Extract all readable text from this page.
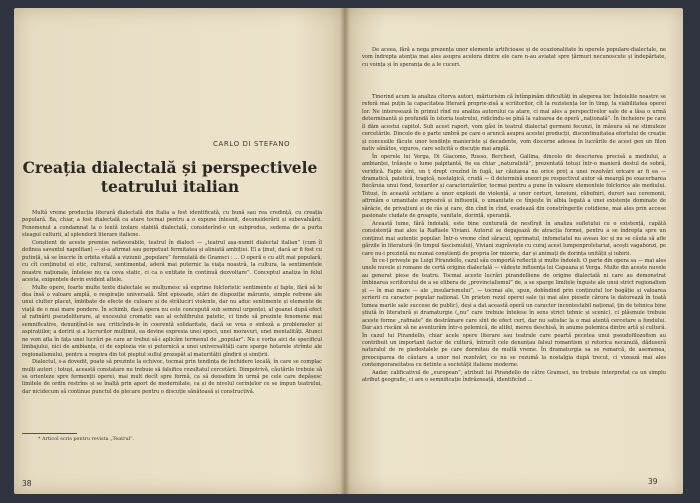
CARLO DI STEFANO
Creația dialectală și perspectivele teatrului italian

Multă vreme producția literară dialectală din Italia a fost identificată, cu bună sau rea credință, cu creația populară. Ba, chiar, a fost dialectală ca atare tocmai pentru a o expune înlesnit, deconsiderării și subevaluării. Fenomenul a condamnat la o lentă izolare stabilă dialectală, considerînd-o un subprodus, sedema de a purta steagul culturii, al splendorii literare italiene.

Conștient de aceste premise nefavorabile, teatrul în dialect — „teatrul așa-numit dialectal italian” (cum îl definea savantul napolitan) — și-a afirmat sau perpetuat fermitatea și aliniată ambiției. El a ținut, dacă ar fi fost cu putință, să se înscrie în orbita vitală a viziunii „populare” formulată de Gramsci : ... O operă e cu atît mai populară, cu cît conținutul ei etic, cultural, sentimental, aderă mai puternic la viața noastră, la cultura, la sentimentele noastre naționale, întelese nu ca ceva static, ci ca o entitate în continuă dezvoltare”. Conceptul analiza în felul acesta, exigențele devin evident altele.

Multe opere, foarte multe texte dialectale se mulțumesc să exprime folcloristic sentimente și fapte, fără să le dea însă o valoare amplă, o respirație universală. Sînt episoade, stări de dispoziție mărunte, simple refrene ale unui clutter placut, îmbibate de efecte de culoare și de străluciri violente, dar nu aduc sentimente și elemente de viață de o mai mare pondere. În schimb, dacă opera nu este concepută sub semnul urgenței, al goanei după efect al rafinării pseudoliterare, al excesului cromatic sau al echilibrului patetic, ci tinde să prezinte fenomene mai semnificative, denunțînd-le sau criticîndu-le în coerentă solidaritate, dacă se vrea o sinteză a problemelor și aspirațiilor, a doririi și a lucrurilor mulțimii, ea devine expresia unei epoci, unei moravuri, unei mentalități. Atunci ne vom afla în fața unei lucrări pe care ar trebui să-i aplicăm termenul de „popular”. Nu e vorba aici de specificul limbajului, nici de ambianța, ci de explozia vie și puternică a unei universalități care sparge hotarele strîmte ale regionalismului, pentru a respira din tot pieptul suflul prozspăt al maturității gîndirii și simțirii.

Dialectul, s-a dovedit, poate să prezinte la echivoc, tocmai prin tendința de închidere locală, în care se complac mulți autori ; totuși, această constatare nu trebuie să falsifice rezultatul cercetării. Dimpotrivă, căutările trebuie să se orienteze spre fermenții operei, mai mult decît spre formă, ca să deosebim în urmă pe cele care depășesc limitele de ordin restrîns și se înalță prin aport de modernitate, ca și de nivelul cerințelor ce se impun teatrului, dar nicidecum să continue punctul de plecare pentru o discuție sănătoasă și constructivă.

* Articol scris pentru revista „Teatrul”.
38

De aceea, fără a nega prezența unor elemente artificioase și de ocazionalitate în operele populare-dialectale, ne vom îndrepta atenția mai ales asupra acelora dintre ele care n-au aviatat spre țărmuri necunoscute și îndepărtate, cu voința și în speranța de a le cuceri.

Tinerind acum la analiza cîtorva autori, mărturisim că întîmpinăm dificultăți în alegerea lor. Îndoielile noastre se referă mai puțin la capacitatea literară proprie-zisă a scriitorilor, cît la rezistența lor în timp, la viabilitatea operei lor. Ne interesează în primul rînd nu analiza autorului ca atare, ci mai ales a perspectivelor sale de a lăsa o urmă determinantă și profundă în istoria teatrului, ridicîndu-se pînă la valoarea de operă „națională”. În încheiere pe care îl dăm acestui capitol. Sub acest raport, vom găsi în teatrul dialectal germeni fecunzi, în măsura să ne stimuleze cercetările. Dincolo de o parte umbră pe care o aruncă asupra acestei producții, discontinuitatea efortului de creație și concesiile făcute unor tendințe manieriste și decadente, vom discerne adesea în lucrările de acest gen un filon nativ sănătos, viguros, care solicită o discuție mai amplă.

În operele lui Verga, Di Giacomo, Russo, Bercheet, Gallina, dincolo de descrierea precisă a mediului, a ambianței, trăiește o lume palpitantă, fie ea chiar „naturalistă”, prezentată totuși într-o manieră destul de sobră, veridică. Fapte sînt, un ț drept crezînd în fugă, iar căutarea nu orice preț a unei rezolvări oricare ar fi ea — dramatică, patetică, tragică, nostalgică, crudă — îl determină uneori pe respectivul autor să meargă pe exacerbarea fiecăruia unui fond, tonurilor și caracterizărilor, tocmai pentru a pune în valoare elementele folclorice ale mediului. Totuși, în această schițare a unor explozii de violență, a unor certuri, tensiuni, răbufniri, dureri sau ceremonii, afirmăm o umanitate expresivă și influență, o umanitate ce tînjește în albia legată a unei existențe dominate de sărăcie, de privațiuni și de râs și care, din cînd în cînd, evadează din constrîngerile cotidiene, mai ales prin accese pasionate ciudate de groapte, vanitate, dorință, speranță.

Această lume, fără îndoială, este bine conturată de nesfîrșit în analiza sufletului cu o existență, capătă consistență mai ales la Raffaele Viviani. Autorul se degajează de atracția formei, pentru a se îndrepta spre un conținut mai autentic popular. Într-o vreme cînd săracul, oprimatul, infometatul nu aveau loc și nu se căuta să afle gărzile în literatură (în timpul fascismului), Viviani zugrăvește cu curaj acest lumpenproletariat, acești vagabonzi, pe care nu-i prezintă nu numai conștienți de propria lor mizerie, dar și animați de dorința unității și iubirii.

În ce-l privește pe Luigi Pirandello, cazul său comportă reflecții și multe îndoieli. O parte din opera sa — mai ales unele nuvele și romane de certă origine dialectală — vădește influența lui Capuana și Verga. Multe din aceste nuvele au generat piese de teatru. Tocmai aceste lucrări pirandelliene de origine dialectală ni care au demonstrat îmbinarea scriitorului de a se elibera de „provincialismul” de, a se sparge limitele înguste ale unui strict regionalism și — în mai mare — ale „insularismului”, — tocmai ale, spun, dobîndind prin conținutul lor bogăție și valoarea scrierii cu caracter popular național. Un prieten rezul operei sale (și mai ales piesele cărora le datorează în toată lumea marile sale succese de public), deși a dat această operă un caracter incontestabil național, țin de tehnica bine știută în literatură și dramaturgie („nu” care trebuie întelese în sens strict tehnic și scenic), ci plăsmuie trebuie aceste forme „rafinate” de destrămare care sînt de efect cert, dar nu satisfac la o mai atentă cercetare a fondului. Dar aici riscăm să ne aventurăm într-o polemică, de altfel, mereu deschisă, în anume polemica dintre artă și cultură. În cazul lui Pirandello, chiar acele opere literare sau teatrale care poartă pecetea unui pseudofilozofism au contribuit un important factor de cultură, întrucît cele denunțau falsul romantism și retorica necanulă, dăduseră naturalul de re piedestalele pe care dormitau de multă vreme. În dramaturgia sa se remarcă, de asemenea, preocuparea de căutare a unor noi rezolvări, ce nu se rezumă la nostalgia după trecut, ci vizează mai ales contemporaneitatea cu detinte a societății italiene moderne.

Aadar, calificativul de „european”, atribuit lui Pirandello de către Gramsci, nu trebuie interpretat ca un simplu atribut geografic, ci are o semnificație îndrăzneață, identificînd ...

39
